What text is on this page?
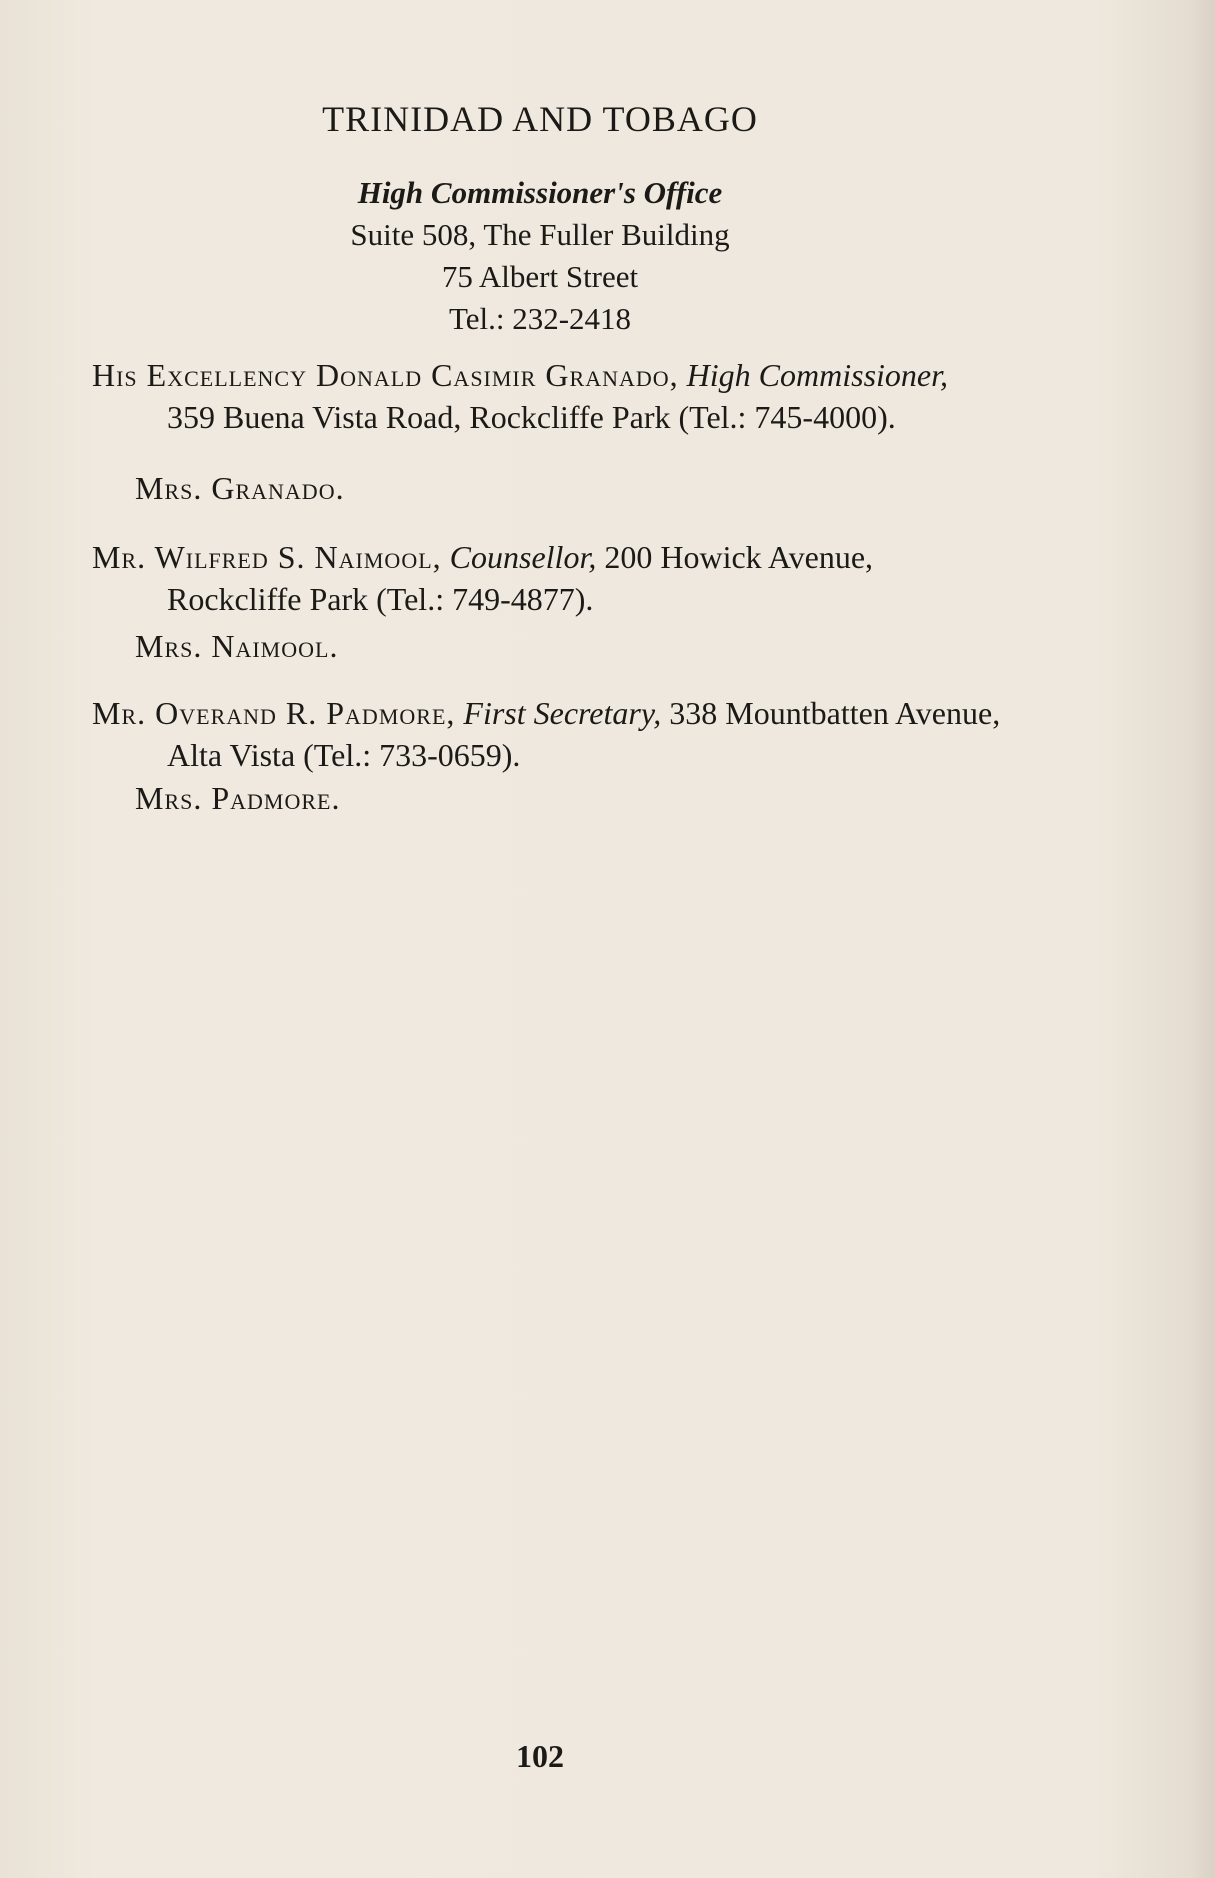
TRINIDAD AND TOBAGO
High Commissioner's Office
Suite 508, The Fuller Building
75 Albert Street
Tel.: 232-2418
His Excellency Donald Casimir Granado, High Commissioner, 359 Buena Vista Road, Rockcliffe Park (Tel.: 745-4000).
Mrs. Granado.
Mr. Wilfred S. Naimool, Counsellor, 200 Howick Avenue, Rockcliffe Park (Tel.: 749-4877).
Mrs. Naimool.
Mr. Overand R. Padmore, First Secretary, 338 Mountbatten Avenue, Alta Vista (Tel.: 733-0659).
Mrs. Padmore.
102
